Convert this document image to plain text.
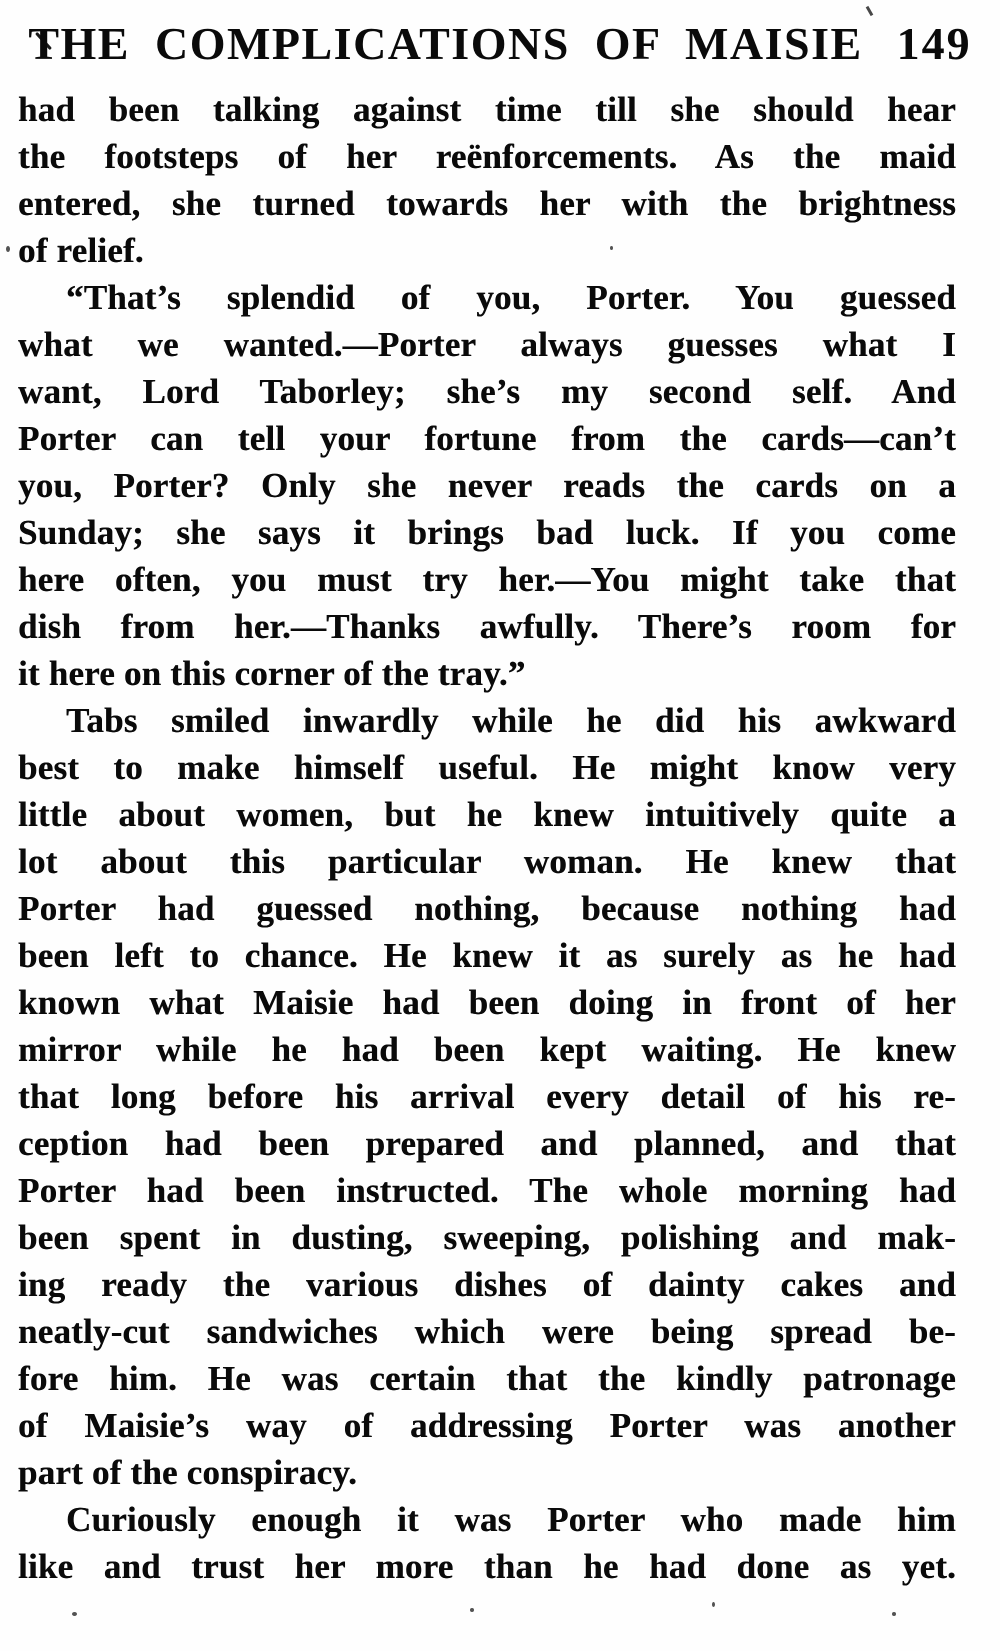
THE COMPLICATIONS OF MAISIE 149
had been talking against time till she should hear
the footsteps of her reënforcements. As the maid
entered, she turned towards her with the brightness
of relief.
“That’s splendid of you, Porter. You guessed
what we wanted.—Porter always guesses what I
want, Lord Taborley; she’s my second self. And
Porter can tell your fortune from the cards—can’t
you, Porter? Only she never reads the cards on a
Sunday; she says it brings bad luck. If you come
here often, you must try her.—You might take that
dish from her.—Thanks awfully. There’s room for
it here on this corner of the tray.”
Tabs smiled inwardly while he did his awkward
best to make himself useful. He might know very
little about women, but he knew intuitively quite a
lot about this particular woman. He knew that
Porter had guessed nothing, because nothing had
been left to chance. He knew it as surely as he had
known what Maisie had been doing in front of her
mirror while he had been kept waiting. He knew
that long before his arrival every detail of his re-
ception had been prepared and planned, and that
Porter had been instructed. The whole morning had
been spent in dusting, sweeping, polishing and mak-
ing ready the various dishes of dainty cakes and
neatly-cut sandwiches which were being spread be-
fore him. He was certain that the kindly patronage
of Maisie’s way of addressing Porter was another
part of the conspiracy.
Curiously enough it was Porter who made him
like and trust her more than he had done as yet.
